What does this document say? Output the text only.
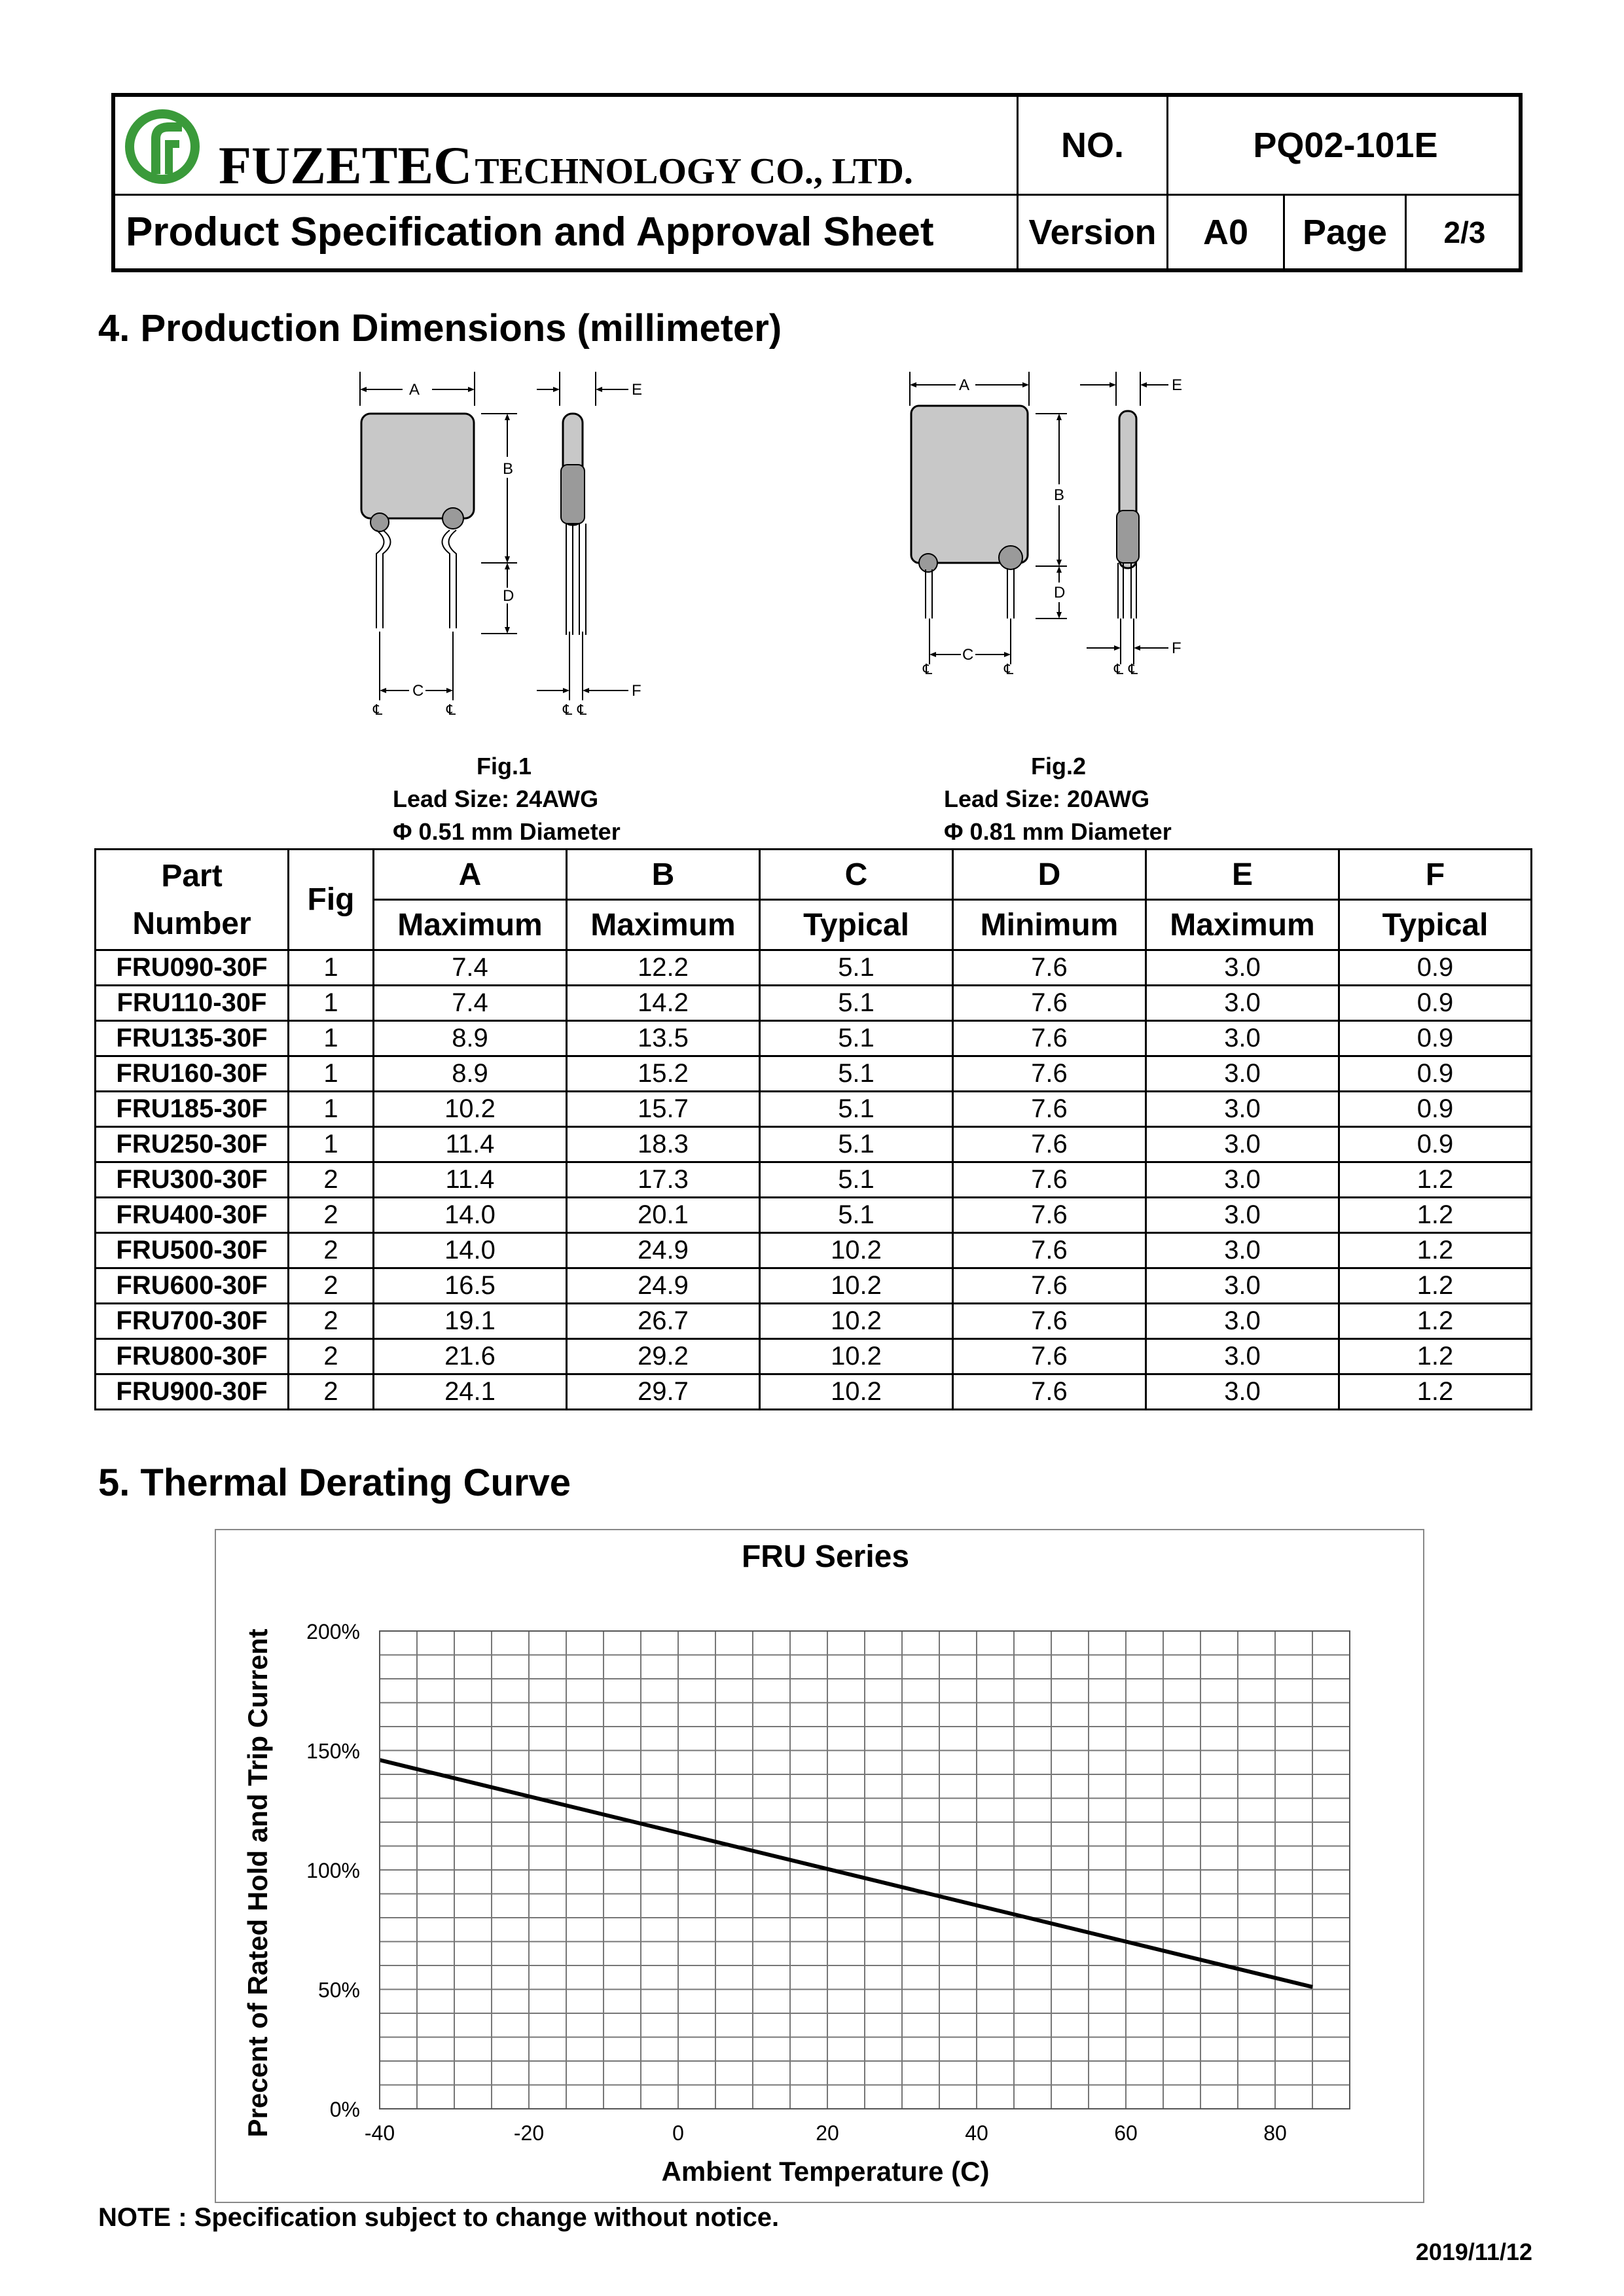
FUZETEC TECHNOLOGY CO., LTD.
NO.	PQ02-101E
Product Specification and Approval Sheet	Version	A0	Page	2/3
4. Production Dimensions (millimeter)
A
B
D
C
E
F
℄	℄	℄ ℄
A
B
D
C
E
F
℄	℄	℄ ℄
Fig.1
Lead Size: 24AWG
Φ 0.51 mm Diameter
Fig.2
Lead Size: 20AWG
Φ 0.81 mm Diameter
Part
Number	Fig	A	B	C	D	E	F
		Maximum	Maximum	Typical	Minimum	Maximum	Typical
FRU090-30F	1	7.4	12.2	5.1	7.6	3.0	0.9
FRU110-30F	1	7.4	14.2	5.1	7.6	3.0	0.9
FRU135-30F	1	8.9	13.5	5.1	7.6	3.0	0.9
FRU160-30F	1	8.9	15.2	5.1	7.6	3.0	0.9
FRU185-30F	1	10.2	15.7	5.1	7.6	3.0	0.9
FRU250-30F	1	11.4	18.3	5.1	7.6	3.0	0.9
FRU300-30F	2	11.4	17.3	5.1	7.6	3.0	1.2
FRU400-30F	2	14.0	20.1	5.1	7.6	3.0	1.2
FRU500-30F	2	14.0	24.9	10.2	7.6	3.0	1.2
FRU600-30F	2	16.5	24.9	10.2	7.6	3.0	1.2
FRU700-30F	2	19.1	26.7	10.2	7.6	3.0	1.2
FRU800-30F	2	21.6	29.2	10.2	7.6	3.0	1.2
FRU900-30F	2	24.1	29.7	10.2	7.6	3.0	1.2
5. Thermal Derating Curve
-40	-20	0	20	40	60	80
0%
50%
100%
150%
200%
FRU Series
Ambient Temperature (C)
Precent of Rated Hold and Trip Current
NOTE : Specification subject to change without notice.
2019/11/12
